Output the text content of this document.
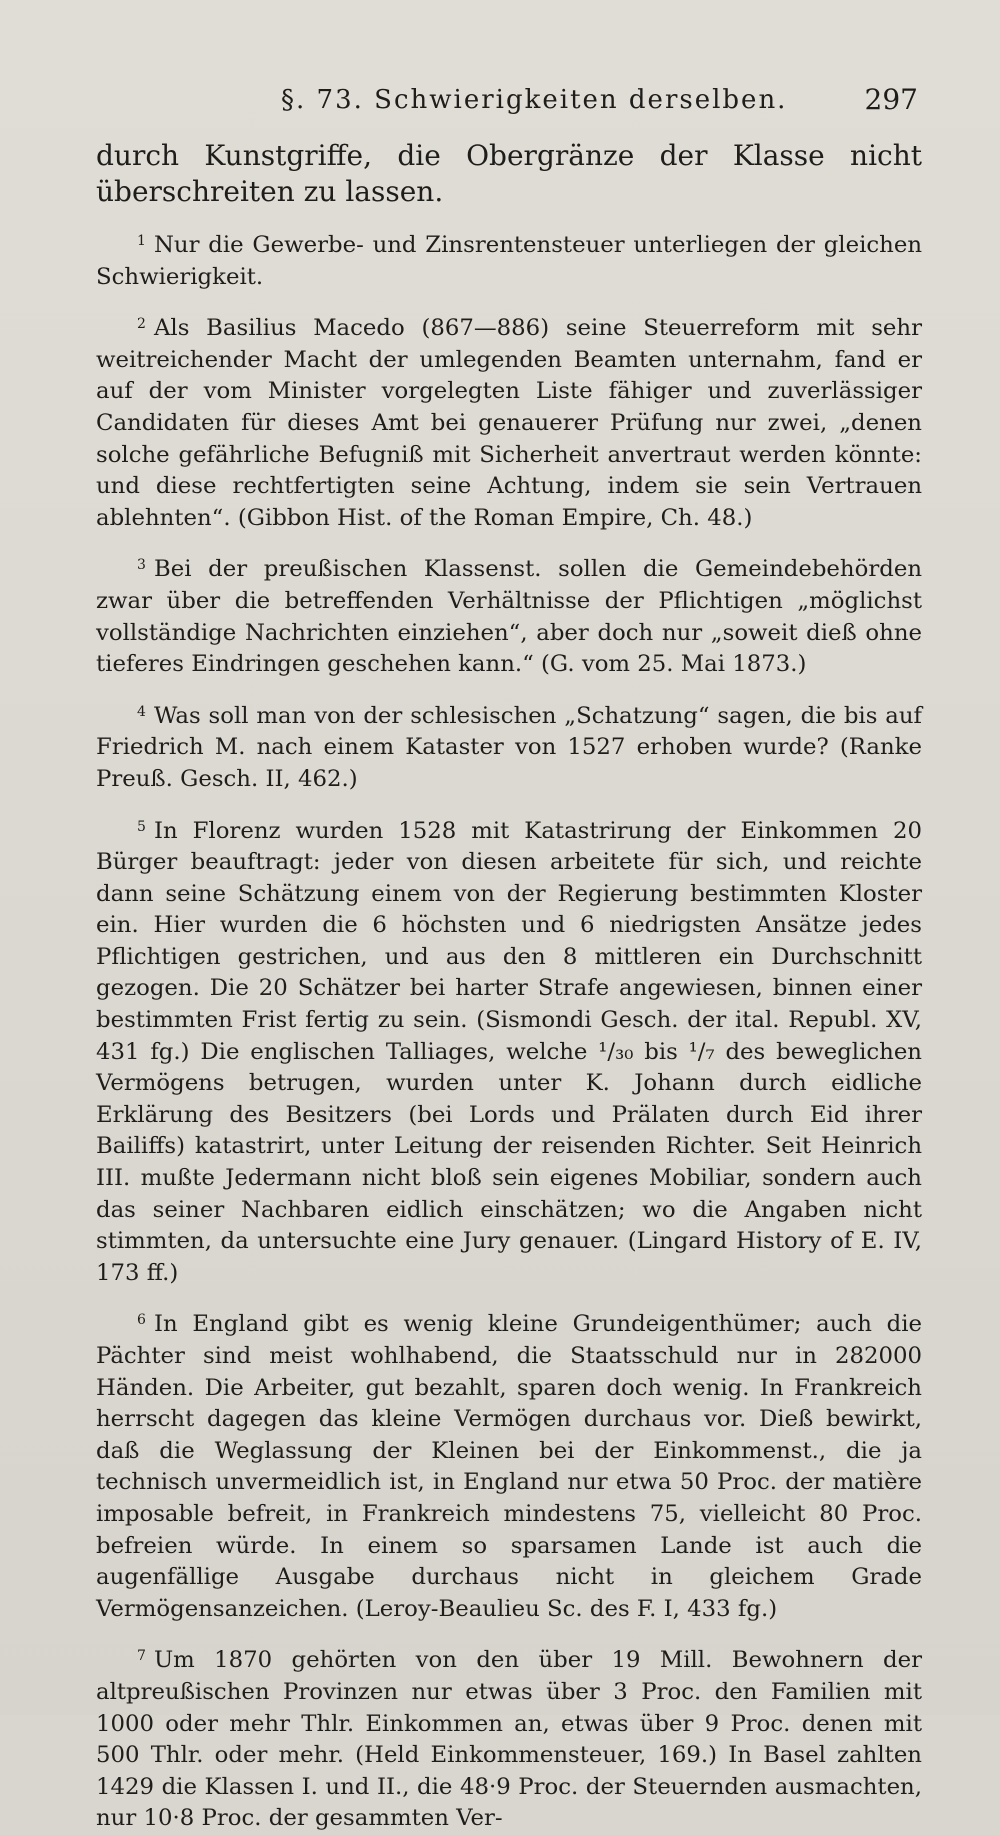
§. 73. Schwierigkeiten derselben.	297

durch Kunstgriffe, die Obergränze der Klasse nicht überschreiten zu lassen.

$^1$ Nur die Gewerbe- und Zinsrentensteuer unterliegen der gleichen Schwierigkeit.

$^2$ Als Basilius Macedo (867—886) seine Steuerreform mit sehr weitreichender Macht der umlegenden Beamten unternahm, fand er auf der vom Minister vorgelegten Liste fähiger und zuverlässiger Candidaten für dieses Amt bei genauerer Prüfung nur zwei, „denen solche gefährliche Befugniß mit Sicherheit anvertraut werden könnte: und diese rechtfertigten seine Achtung, indem sie sein Vertrauen ablehnten“. (Gibbon Hist. of the Roman Empire, Ch. 48.)

$^3$ Bei der preußischen Klassenst. sollen die Gemeindebehörden zwar über die betreffenden Verhältnisse der Pflichtigen „möglichst vollständige Nachrichten einziehen“, aber doch nur „soweit dieß ohne tieferes Eindringen geschehen kann.“ (G. vom 25. Mai 1873.)

$^4$ Was soll man von der schlesischen „Schatzung“ sagen, die bis auf Friedrich M. nach einem Kataster von 1527 erhoben wurde? (Ranke Preuß. Gesch. II, 462.)

$^5$ In Florenz wurden 1528 mit Katastrirung der Einkommen 20 Bürger beauftragt: jeder von diesen arbeitete für sich, und reichte dann seine Schätzung einem von der Regierung bestimmten Kloster ein. Hier wurden die 6 höchsten und 6 niedrigsten Ansätze jedes Pflichtigen gestrichen, und aus den 8 mittleren ein Durchschnitt gezogen. Die 20 Schätzer bei harter Strafe angewiesen, binnen einer bestimmten Frist fertig zu sein. (Sismondi Gesch. der ital. Republ. XV, 431 fg.) Die englischen Talliages, welche ¹/₃₀ bis ¹/₇ des beweglichen Vermögens betrugen, wurden unter K. Johann durch eidliche Erklärung des Besitzers (bei Lords und Prälaten durch Eid ihrer Bailiffs) katastrirt, unter Leitung der reisenden Richter. Seit Heinrich III. mußte Jedermann nicht bloß sein eigenes Mobiliar, sondern auch das seiner Nachbaren eidlich einschätzen; wo die Angaben nicht stimmten, da untersuchte eine Jury genauer. (Lingard History of E. IV, 173 ff.)

$^6$ In England gibt es wenig kleine Grundeigenthümer; auch die Pächter sind meist wohlhabend, die Staatsschuld nur in 282000 Händen. Die Arbeiter, gut bezahlt, sparen doch wenig. In Frankreich herrscht dagegen das kleine Vermögen durchaus vor. Dieß bewirkt, daß die Weglassung der Kleinen bei der Einkommenst., die ja technisch unvermeidlich ist, in England nur etwa 50 Proc. der matière imposable befreit, in Frankreich mindestens 75, vielleicht 80 Proc. befreien würde. In einem so sparsamen Lande ist auch die augenfällige Ausgabe durchaus nicht in gleichem Grade Vermögensanzeichen. (Leroy-Beaulieu Sc. des F. I, 433 fg.)

$^7$ Um 1870 gehörten von den über 19 Mill. Bewohnern der altpreußischen Provinzen nur etwas über 3 Proc. den Familien mit 1000 oder mehr Thlr. Einkommen an, etwas über 9 Proc. denen mit 500 Thlr. oder mehr. (Held Einkommensteuer, 169.) In Basel zahlten 1429 die Klassen I. und II., die 48·9 Proc. der Steuernden ausmachten, nur 10·8 Proc. der gesammten Ver-
